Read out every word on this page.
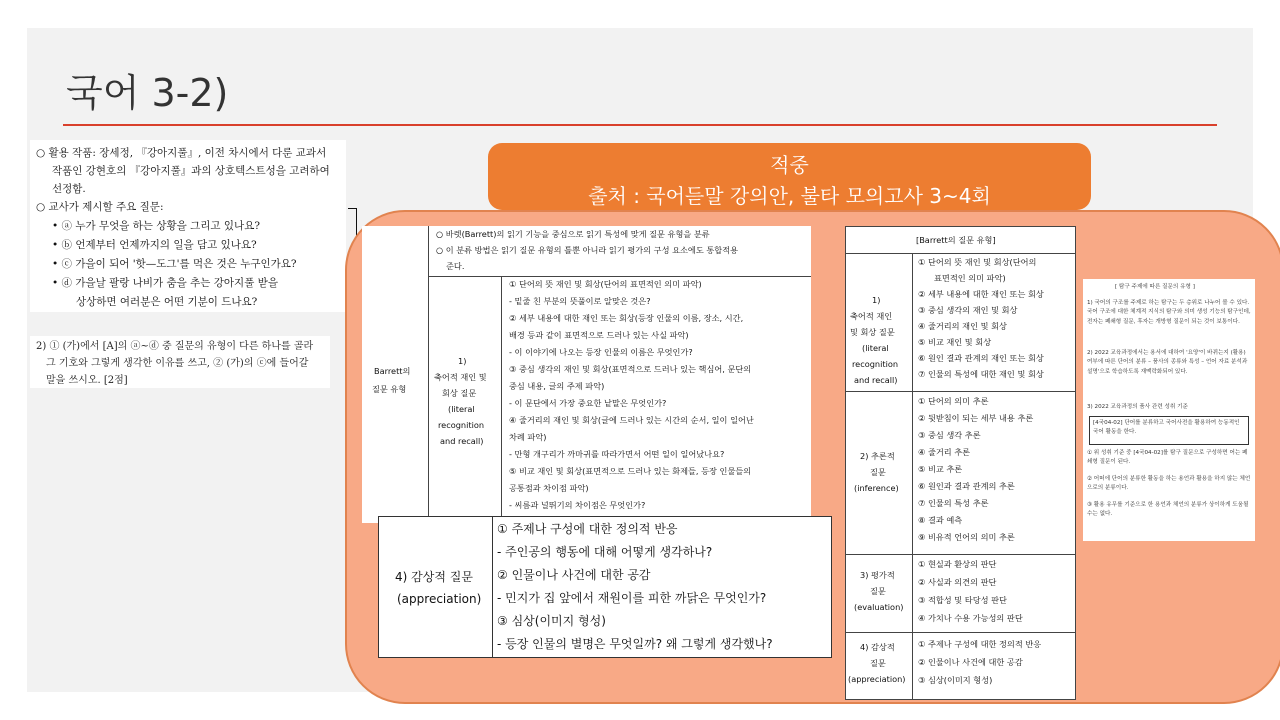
국어 3-2)
○ 활용 작품: 장세정, 『강아지풀』, 이전 차시에서 다룬 교과서
작품인 강현호의 『강아지풀』과의 상호텍스트성을 고려하여
선정함.
○ 교사가 제시할 주요 질문:
• ⓐ 누가 무엇을 하는 상황을 그리고 있나요?
• ⓑ 언제부터 언제까지의 일을 담고 있나요?
• ⓒ 가을이 되어 '핫—도그'를 먹은 것은 누구인가요?
• ⓓ 가을날 팔랑 나비가 춤을 추는 강아지풀 받을
상상하면 여러분은 어떤 기분이 드나요?
2) ① (가)에서 [A]의 ⓐ~ⓓ 중 질문의 유형이 다른 하나를 골라
그 기호와 그렇게 생각한 이유를 쓰고, ② (가)의 ⓒ에 들어갈
말을 쓰시오. [2점]
적중
출처 : 국어듣말 강의안, 불타 모의고사 3~4회
Barrett의
질문 유형
○ 바렛(Barrett)의 읽기 기능을 중심으로 읽기 특성에 맞게 질문 유형을 분류
○ 이 분류 방법은 읽기 질문 유형의 틀뿐 아니라 읽기 평가의 구성 요소에도 통합적용
준다.
1)
축어적 재인 및
회상 질문
(literal
recognition
and recall)
① 단어의 뜻 재인 및 회상(단어의 표면적인 의미 파악)
- 밑줄 친 부분의 뜻풀이로 알맞은 것은?
② 세부 내용에 대한 재인 또는 회상(등장 인물의 이름, 장소, 시간,
배경 등과 같이 표면적으로 드러나 있는 사실 파악)
- 이 이야기에 나오는 등장 인물의 이름은 무엇인가?
③ 중심 생각의 재인 및 회상(표면적으로 드러나 있는 핵심어, 문단의
중심 내용, 글의 주제 파악)
- 이 문단에서 가장 중요한 낱말은 무엇인가?
④ 줄거리의 재인 및 회상(글에 드러나 있는 시간의 순서, 일이 일어난
차례 파악)
- 만형 개구리가 까마귀를 따라가면서 어떤 일이 일어났나요?
⑤ 비교 재인 및 회상(표면적으로 드러나 있는 화제들, 등장 인물들의
공통점과 차이점 파악)
- 씨름과 널뛰기의 차이점은 무엇인가?
4) 감상적 질문
(appreciation)
① 주제나 구성에 대한 정의적 반응
- 주인공의 행동에 대해 어떻게 생각하나?
② 인물이나 사건에 대한 공감
- 민지가 집 앞에서 재원이를 피한 까닭은 무엇인가?
③ 심상(이미지 형성)
- 등장 인물의 별명은 무엇일까? 왜 그렇게 생각했나?
[Barrett의 질문 유형]
1)
축어적 재인
및 회상 질문
(literal
recognition
and recall)
① 단어의 뜻 재인 및 회상(단어의
표면적인 의미 파악)
② 세부 내용에 대한 재인 또는 회상
③ 중심 생각의 재인 및 회상
④ 줄거리의 재인 및 회상
⑤ 비교 재인 및 회상
⑥ 원인 결과 관계의 재인 또는 회상
⑦ 인물의 특성에 대한 재인 및 회상
2) 추론적
질문
(inference)
① 단어의 의미 추론
② 뒷받침이 되는 세부 내용 추론
③ 중심 생각 추론
④ 줄거리 추론
⑤ 비교 추론
⑥ 원인과 결과 관계의 추론
⑦ 인물의 특성 추론
⑧ 결과 예측
⑨ 비유적 언어의 의미 추론
3) 평가적
질문
(evaluation)
① 현실과 환상의 판단
② 사실과 의견의 판단
③ 적합성 및 타당성 판단
④ 가치나 수용 가능성의 판단
4) 감상적
질문
(appreciation)
① 주제나 구성에 대한 정의적 반응
② 인물이나 사건에 대한 공감
③ 심상(이미지 형성)
[ 탐구 주제에 따른 질문의 유형 ]
1) 국어의 구조를 주제로 하는 탐구는 두 층위로 나누어 볼 수 있다. 국어 구조에 대한 체계적 지식의 탐구와 의미 생성 기능의 탐구인데, 전자는 폐쇄형 질문, 후자는 개방형 질문이 되는 것이 보통이다.
2) 2022 교육과정에서는 용서에 대하여 '요양'이 바뀌는지 (활용) 여부에 따른 단어의 분류 – 품사의 종류와 특성 – 언어 자료 분석과 설명'으로 학습하도록 재맥락화되어 있다.
3) 2022 교육과정의 품사 관련 성취 기준
[4국04-02] 단어를 분류하고 국어사전을 활용하여 능동적인 국어 활동을 한다.
① 위 성취 기준 중 [4국04-02]를 탐구 질문으로 구성하면 어는 폐쇄형 질문이 된다.
② 어떠에 단어의 분류한 활동을 하는 용언과 활용을 하지 않는 체언으로의 분류이다.
③ 활용 유무를 기준으로 한 용언과 체언의 분류가 상이하게 도움될 수는 없다.
